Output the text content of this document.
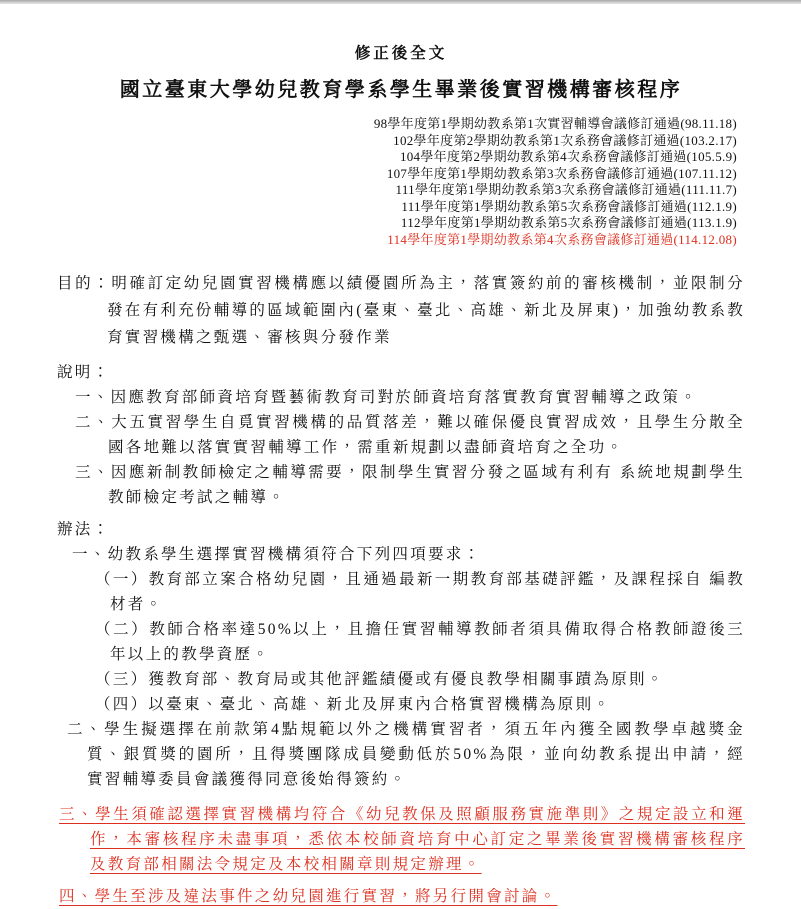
修正後全文
國立臺東大學幼兒教育學系學生畢業後實習機構審核程序
98學年度第1學期幼教系第1次實習輔導會議修訂通過(98.11.18)
102學年度第2學期幼教系第1次系務會議修訂通過(103.2.17)
104學年度第2學期幼教系第4次系務會議修訂通過(105.5.9)
107學年度第1學期幼教系第3次系務會議修訂通過(107.11.12)
111學年度第1學期幼教系第3次系務會議修訂通過(111.11.7)
111學年度第1學期幼教系第5次系務會議修訂通過(112.1.9)
112學年度第1學期幼教系第5次系務會議修訂通過(113.1.9)
114學年度第1學期幼教系第4次系務會議修訂通過(114.12.08)
目的：明確訂定幼兒園實習機構應以績優園所為主，落實簽約前的審核機制，並限制分發在有利充份輔導的區域範圍內(臺東、臺北、高雄、新北及屏東)，加強幼教系教育實習機構之甄選、審核與分發作業
說明：
一、因應教育部師資培育暨藝術教育司對於師資培育落實教育實習輔導之政策。
二、大五實習學生自覓實習機構的品質落差，難以確保優良實習成效，且學生分散全國各地難以落實實習輔導工作，需重新規劃以盡師資培育之全功。
三、因應新制教師檢定之輔導需要，限制學生實習分發之區域有利有 系統地規劃學生教師檢定考試之輔導。
辦法：
一、幼教系學生選擇實習機構須符合下列四項要求：
（一）教育部立案合格幼兒園，且通過最新一期教育部基礎評鑑，及課程採自 編教材者。
（二）教師合格率達50%以上，且擔任實習輔導教師者須具備取得合格教師證後三年以上的教學資歷。
（三）獲教育部、教育局或其他評鑑績優或有優良教學相關事蹟為原則。
（四）以臺東、臺北、高雄、新北及屏東內合格實習機構為原則。
二、學生擬選擇在前款第4點規範以外之機構實習者，須五年內獲全國教學卓越獎金質、銀質獎的園所，且得獎團隊成員變動低於50%為限，並向幼教系提出申請，經實習輔導委員會議獲得同意後始得簽約。
三、學生須確認選擇實習機構均符合《幼兒教保及照顧服務實施準則》之規定設立和運作，本審核程序未盡事項，悉依本校師資培育中心訂定之畢業後實習機構審核程序及教育部相關法令規定及本校相關章則規定辦理。
四、學生至涉及違法事件之幼兒園進行實習，將另行開會討論。
